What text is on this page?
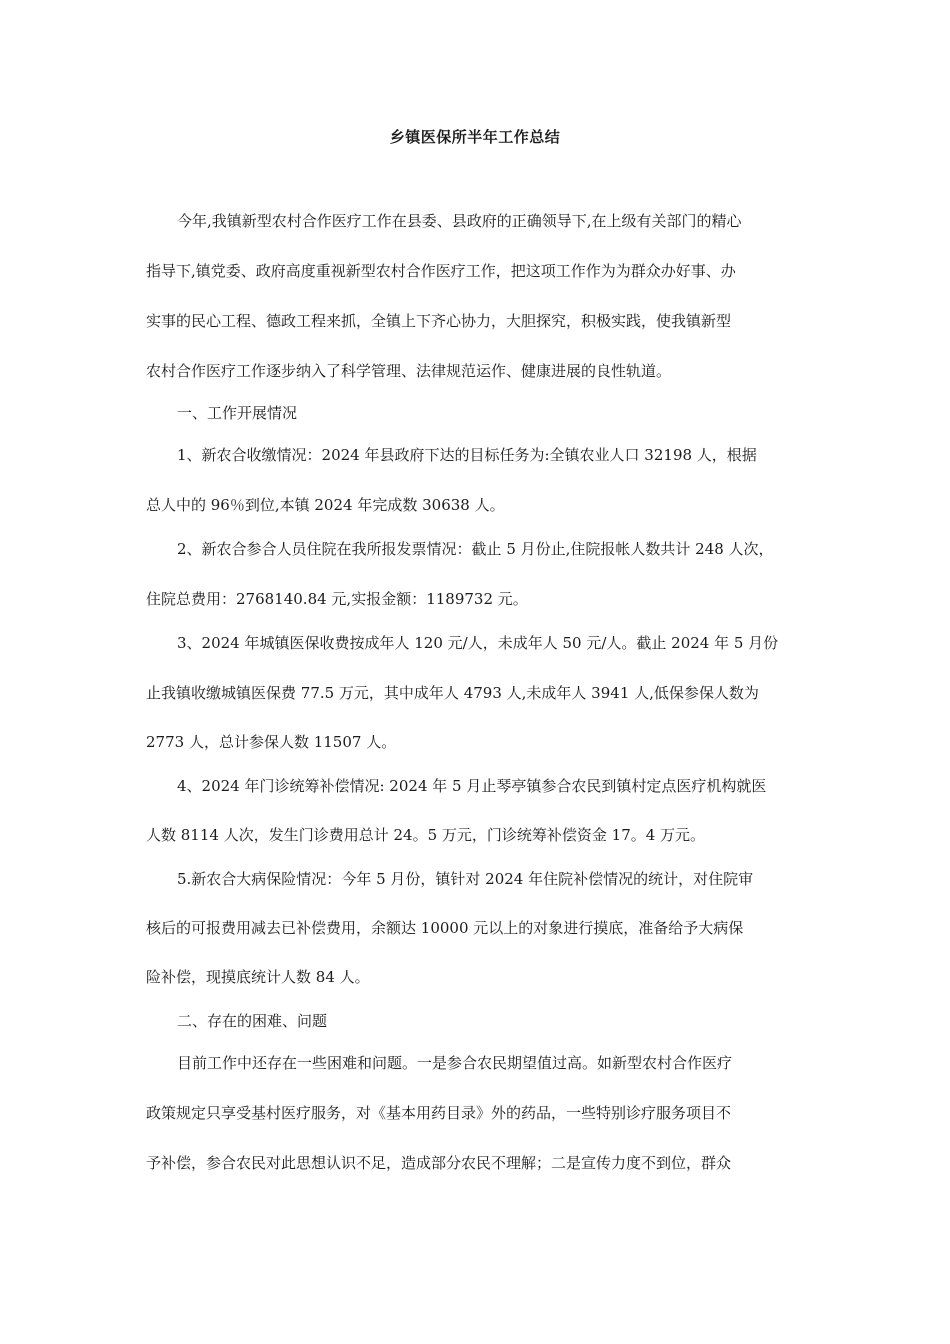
乡镇医保所半年工作总结
今年,我镇新型农村合作医疗工作在县委、县政府的正确领导下,在上级有关部门的精心
指导下,镇党委、政府高度重视新型农村合作医疗工作，把这项工作作为为群众办好事、办
实事的民心工程、德政工程来抓，全镇上下齐心协力，大胆探究，积极实践，使我镇新型
农村合作医疗工作逐步纳入了科学管理、法律规范运作、健康进展的良性轨道。
一、工作开展情况
1、新农合收缴情况：2024 年县政府下达的目标任务为:全镇农业人口 32198 人，根据
总人中的 96％到位,本镇 2024 年完成数 30638 人。
2、新农合参合人员住院在我所报发票情况：截止 5 月份止,住院报帐人数共计 248 人次，
住院总费用：2768140.84 元,实报金额：1189732 元。
3、2024 年城镇医保收费按成年人 120 元/人，未成年人 50 元/人。截止 2024 年 5 月份
止我镇收缴城镇医保费 77.5 万元，其中成年人 4793 人,未成年人 3941 人,低保参保人数为
2773 人，总计参保人数 11507 人。
4、2024 年门诊统筹补偿情况: 2024 年 5 月止琴亭镇参合农民到镇村定点医疗机构就医
人数 8114 人次，发生门诊费用总计 24。5 万元，门诊统筹补偿资金 17。4 万元。
5.新农合大病保险情况：今年 5 月份，镇针对 2024 年住院补偿情况的统计，对住院审
核后的可报费用减去已补偿费用，余额达 10000 元以上的对象进行摸底，准备给予大病保
险补偿，现摸底统计人数 84 人。
二、存在的困难、问题
目前工作中还存在一些困难和问题。一是参合农民期望值过高。如新型农村合作医疗
政策规定只享受基村医疗服务，对《基本用药目录》外的药品，一些特别诊疗服务项目不
予补偿，参合农民对此思想认识不足，造成部分农民不理解；二是宣传力度不到位，群众
